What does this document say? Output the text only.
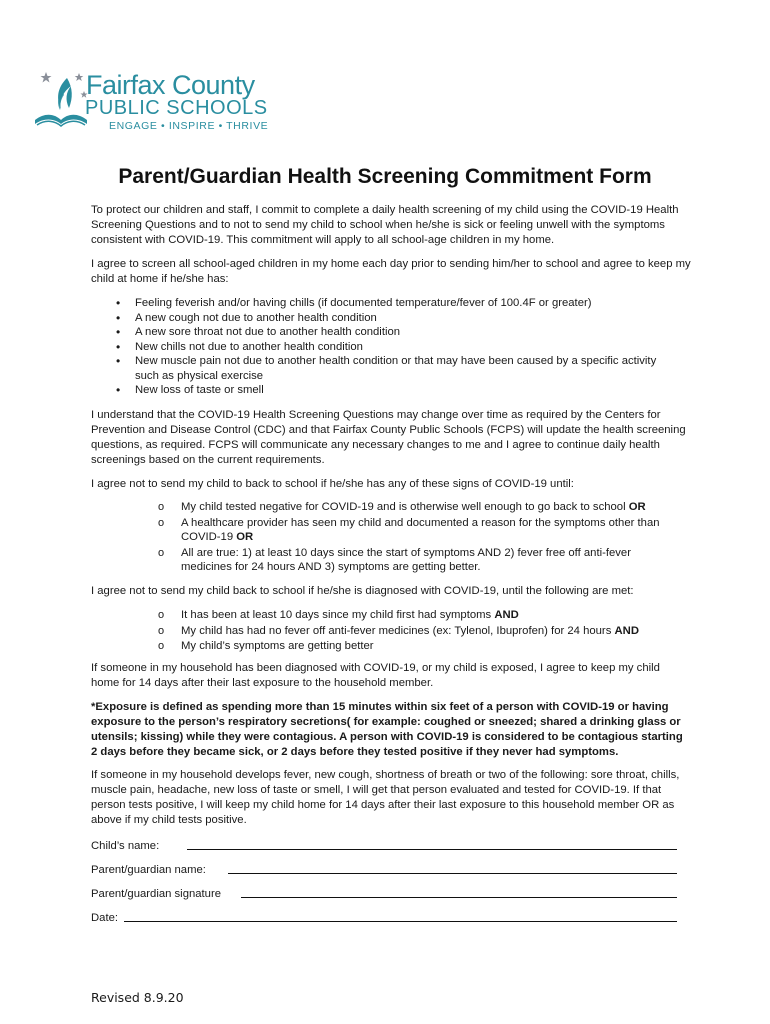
Fairfax County
PUBLIC SCHOOLS
ENGAGE • INSPIRE • THRIVE
Parent/Guardian Health Screening Commitment Form

To protect our children and staff, I commit to complete a daily health screening of my child using the COVID-19 Health Screening Questions and to not to send my child to school when he/she is sick or feeling unwell with the symptoms consistent with COVID-19. This commitment will apply to all school-age children in my home.

I agree to screen all school-aged children in my home each day prior to sending him/her to school and agree to keep my child at home if he/she has:

• Feeling feverish and/or having chills (if documented temperature/fever of 100.4F or greater)
• A new cough not due to another health condition
• A new sore throat not due to another health condition
• New chills not due to another health condition
• New muscle pain not due to another health condition or that may have been caused by a specific activity such as physical exercise
• New loss of taste or smell

I understand that the COVID-19 Health Screening Questions may change over time as required by the Centers for Prevention and Disease Control (CDC) and that Fairfax County Public Schools (FCPS) will update the health screening questions, as required. FCPS will communicate any necessary changes to me and I agree to continue daily health screenings based on the current requirements.

I agree not to send my child to back to school if he/she has any of these signs of COVID-19 until:

o My child tested negative for COVID-19 and is otherwise well enough to go back to school OR
o A healthcare provider has seen my child and documented a reason for the symptoms other than COVID-19 OR
o All are true: 1) at least 10 days since the start of symptoms AND 2) fever free off anti-fever medicines for 24 hours AND 3) symptoms are getting better.

I agree not to send my child back to school if he/she is diagnosed with COVID-19, until the following are met:

o It has been at least 10 days since my child first had symptoms AND
o My child has had no fever off anti-fever medicines (ex: Tylenol, Ibuprofen) for 24 hours AND
o My child’s symptoms are getting better

If someone in my household has been diagnosed with COVID-19, or my child is exposed, I agree to keep my child home for 14 days after their last exposure to the household member.

*Exposure is defined as spending more than 15 minutes within six feet of a person with COVID-19 or having exposure to the person’s respiratory secretions( for example: coughed or sneezed; shared a drinking glass or utensils; kissing) while they were contagious. A person with COVID-19 is considered to be contagious starting 2 days before they became sick, or 2 days before they tested positive if they never had symptoms.

If someone in my household develops fever, new cough, shortness of breath or two of the following: sore throat, chills, muscle pain, headache, new loss of taste or smell, I will get that person evaluated and tested for COVID-19. If that person tests positive, I will keep my child home for 14 days after their last exposure to this household member OR as above if my child tests positive.

Child’s name:
Parent/guardian name:
Parent/guardian signature
Date:
Revised 8.9.20
